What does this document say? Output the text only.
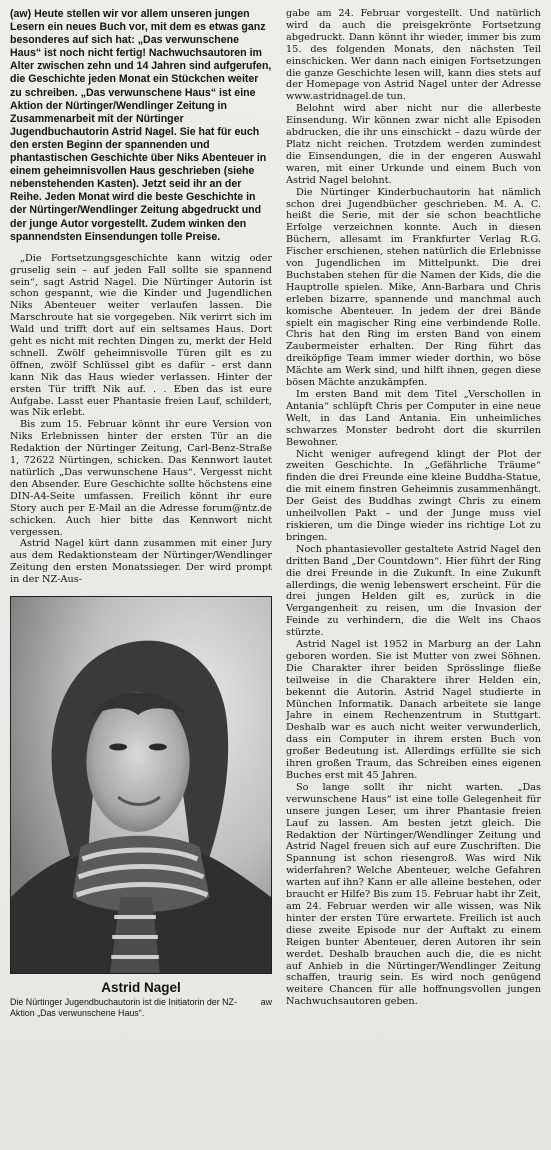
(aw) Heute stellen wir vor allem unseren jungen Lesern ein neues Buch vor, mit dem es etwas ganz besonderes auf sich hat: „Das verwunschene Haus“ ist noch nicht fertig! Nachwuchsautoren im Alter zwischen zehn und 14 Jahren sind aufgerufen, die Geschichte jeden Monat ein Stückchen weiter zu schreiben. „Das verwunschene Haus“ ist eine Aktion der Nürtinger/Wendlinger Zeitung in Zusammenarbeit mit der Nürtinger Jugendbuchautorin Astrid Nagel. Sie hat für euch den ersten Beginn der spannenden und phantastischen Geschichte über Niks Abenteuer in einem geheimnisvollen Haus geschrieben (siehe nebenstehenden Kasten). Jetzt seid ihr an der Reihe. Jeden Monat wird die beste Geschichte in der Nürtinger/Wendlinger Zeitung abgedruckt und der junge Autor vorgestellt. Zudem winken den spannendsten Einsendungen tolle Preise.

„Die Fortsetzungsgeschichte kann witzig oder gruselig sein – auf jeden Fall sollte sie spannend sein“, sagt Astrid Nagel. Die Nürtinger Autorin ist schon gespannt, wie die Kinder und Jugendlichen Niks Abenteuer weiter verlaufen lassen. Die Marschroute hat sie vorgegeben. Nik verirrt sich im Wald und trifft dort auf ein seltsames Haus. Dort geht es nicht mit rechten Dingen zu, merkt der Held schnell. Zwölf geheimnisvolle Türen gilt es zu öffnen, zwölf Schlüssel gibt es dafür – erst dann kann Nik das Haus wieder verlassen. Hinter der ersten Tür trifft Nik auf. . . Eben das ist eure Aufgabe. Lasst euer Phantasie freien Lauf, schildert, was Nik erlebt.

Bis zum 15. Februar könnt ihr eure Version von Niks Erlebnissen hinter der ersten Tür an die Redaktion der Nürtinger Zeitung, Carl-Benz-Straße 1, 72622 Nürtingen, schicken. Das Kennwort lautet natürlich „Das verwunschene Haus“. Vergesst nicht den Absender. Eure Geschichte sollte höchstens eine DIN-A4-Seite umfassen. Freilich könnt ihr eure Story auch per E-Mail an die Adresse forum@ntz.de schicken. Auch hier bitte das Kennwort nicht vergessen.

Astrid Nagel kürt dann zusammen mit einer Jury aus dem Redaktionsteam der Nürtinger/Wendlinger Zeitung den ersten Monatssieger. Der wird prompt in der NZ-Aus-

Astrid Nagel

aw
Die Nürtinger Jugendbuchautorin ist die Initiatorin der NZ-Aktion „Das verwunschene Haus“.

gabe am 24. Februar vorgestellt. Und natürlich wird da auch die preisgekrönte Fortsetzung abgedruckt. Dann könnt ihr wieder, immer bis zum 15. des folgenden Monats, den nächsten Teil einschicken. Wer dann nach einigen Fortsetzungen die ganze Geschichte lesen will, kann dies stets auf der Homepage von Astrid Nagel unter der Adresse www.astridnagel.de tun.

Belohnt wird aber nicht nur die allerbeste Einsendung. Wir können zwar nicht alle Episoden abdrucken, die ihr uns einschickt – dazu würde der Platz nicht reichen. Trotzdem werden zumindest die Einsendungen, die in der engeren Auswahl waren, mit einer Urkunde und einem Buch von Astrid Nagel belohnt.

Die Nürtinger Kinderbuchautorin hat nämlich schon drei Jugendbücher geschrieben. M. A. C. heißt die Serie, mit der sie schon beachtliche Erfolge verzeichnen konnte. Auch in diesen Büchern, allesamt im Frankfurter Verlag R.G. Fischer erschienen, stehen natürlich die Erlebnisse von Jugendlichen im Mittelpunkt. Die drei Buchstaben stehen für die Namen der Kids, die die Hauptrolle spielen. Mike, Ann-Barbara und Chris erleben bizarre, spannende und manchmal auch komische Abenteuer. In jedem der drei Bände spielt ein magischer Ring eine verbindende Rolle. Chris hat den Ring im ersten Band von einem Zaubermeister erhalten. Der Ring führt das dreiköpfige Team immer wieder dorthin, wo böse Mächte am Werk sind, und hilft ihnen, gegen diese bösen Mächte anzukämpfen.

Im ersten Band mit dem Titel „Verschollen in Antania“ schlüpft Chris per Computer in eine neue Welt, in das Land Antania. Ein unheimliches schwarzes Monster bedroht dort die skurrilen Bewohner.

Nicht weniger aufregend klingt der Plot der zweiten Geschichte. In „Gefährliche Träume“ finden die drei Freunde eine kleine Buddha-Statue, die mit einem finstren Geheimnis zusammenhängt. Der Geist des Buddhas zwingt Chris zu einem unheilvollen Pakt – und der Junge muss viel riskieren, um die Dinge wieder ins richtige Lot zu bringen.

Noch phantasievoller gestaltete Astrid Nagel den dritten Band „Der Countdown“. Hier führt der Ring die drei Freunde in die Zukunft. In eine Zukunft allerdings, die wenig lebenswert erscheint. Für die drei jungen Helden gilt es, zurück in die Vergangenheit zu reisen, um die Invasion der Feinde zu verhindern, die die Welt ins Chaos stürzte.

Astrid Nagel ist 1952 in Marburg an der Lahn geboren worden. Sie ist Mutter von zwei Söhnen. Die Charakter ihrer beiden Sprösslinge fließe teilweise in die Charaktere ihrer Helden ein, bekennt die Autorin. Astrid Nagel studierte in München Informatik. Danach arbeitete sie lange Jahre in einem Rechenzentrum in Stuttgart. Deshalb war es auch nicht weiter verwunderlich, dass ein Computer in ihrem ersten Buch von großer Bedeutung ist. Allerdings erfüllte sie sich ihren großen Traum, das Schreiben eines eigenen Buches erst mit 45 Jahren.

So lange sollt ihr nicht warten. „Das verwunschene Haus“ ist eine tolle Gelegenheit für unsere jungen Leser, um ihrer Phantasie freien Lauf zu lassen. Am besten jetzt gleich. Die Redaktion der Nürtinger/Wendlinger Zeitung und Astrid Nagel freuen sich auf eure Zuschriften. Die Spannung ist schon riesengroß. Was wird Nik widerfahren? Welche Abenteuer, welche Gefahren warten auf ihn? Kann er alle alleine bestehen, oder braucht er Hilfe? Bis zum 15. Februar habt ihr Zeit, am 24. Februar werden wir alle wissen, was Nik hinter der ersten Türe erwartete. Freilich ist auch diese zweite Episode nur der Auftakt zu einem Reigen bunter Abenteuer, deren Autoren ihr sein werdet. Deshalb brauchen auch die, die es nicht auf Anhieb in die Nürtinger/Wendlinger Zeitung schaffen, traurig sein. Es wird noch genügend weitere Chancen für alle hoffnungsvollen jungen Nachwuchsautoren geben.
